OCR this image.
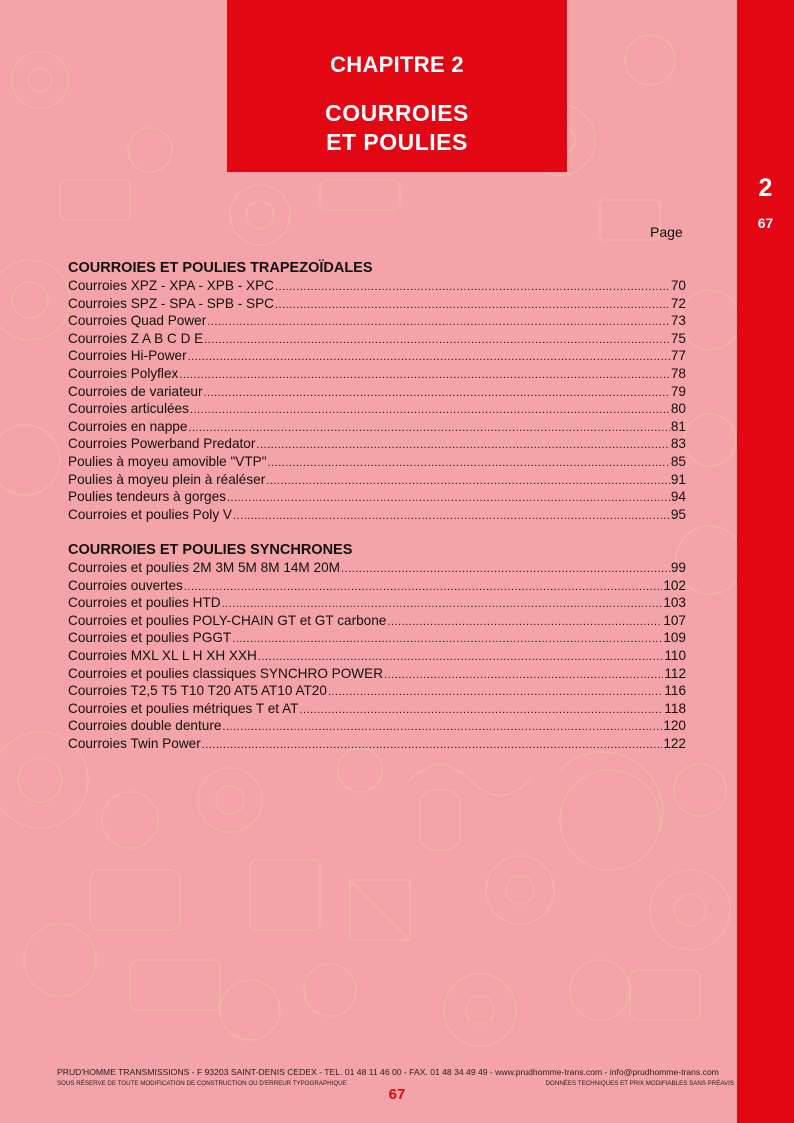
2
67
CHAPITRE 2
COURROIES
ET POULIES
Page
COURROIES ET POULIES TRAPEZOÏDALES
Courroies XPZ - XPA - XPB - XPC .....	70
Courroies SPZ - SPA - SPB - SPC .....	72
Courroies Quad Power .....	73
Courroies Z A B C D E .....	75
Courroies Hi-Power .....	77
Courroies Polyflex .....	78
Courroies de variateur .....	79
Courroies articulées .....	80
Courroies en nappe .....	81
Courroies Powerband Predator .....	83
Poulies à moyeu amovible "VTP" .....	85
Poulies à moyeu plein à réaléser .....	91
Poulies tendeurs à gorges .....	94
Courroies et poulies Poly V .....	95
COURROIES ET POULIES SYNCHRONES
Courroies et poulies 2M 3M 5M 8M 14M 20M .....	99
Courroies ouvertes .....	102
Courroies et poulies HTD .....	103
Courroies et poulies POLY-CHAIN GT et GT carbone .....	107
Courroies et poulies PGGT .....	109
Courroies MXL XL L H XH XXH .....	110
Courroies et poulies classiques SYNCHRO POWER .....	112
Courroies T2,5 T5 T10 T20 AT5 AT10 AT20 .....	116
Courroies et poulies métriques T et AT .....	118
Courroies double denture .....	120
Courroies Twin Power .....	122
PRUD'HOMME TRANSMISSIONS - F 93203 SAINT-DENIS CEDEX - TEL. 01 48 11 46 00 - FAX. 01 48 34 49 49 - www.prudhomme-trans.com - info@prudhomme-trans.com
SOUS RÉSERVE DE TOUTE MODIFICATION DE CONSTRUCTION OU D'ERREUR TYPOGRAPHIQUE	DONNÉES TECHNIQUES ET PRIX MODIFIABLES SANS PRÉAVIS
67
